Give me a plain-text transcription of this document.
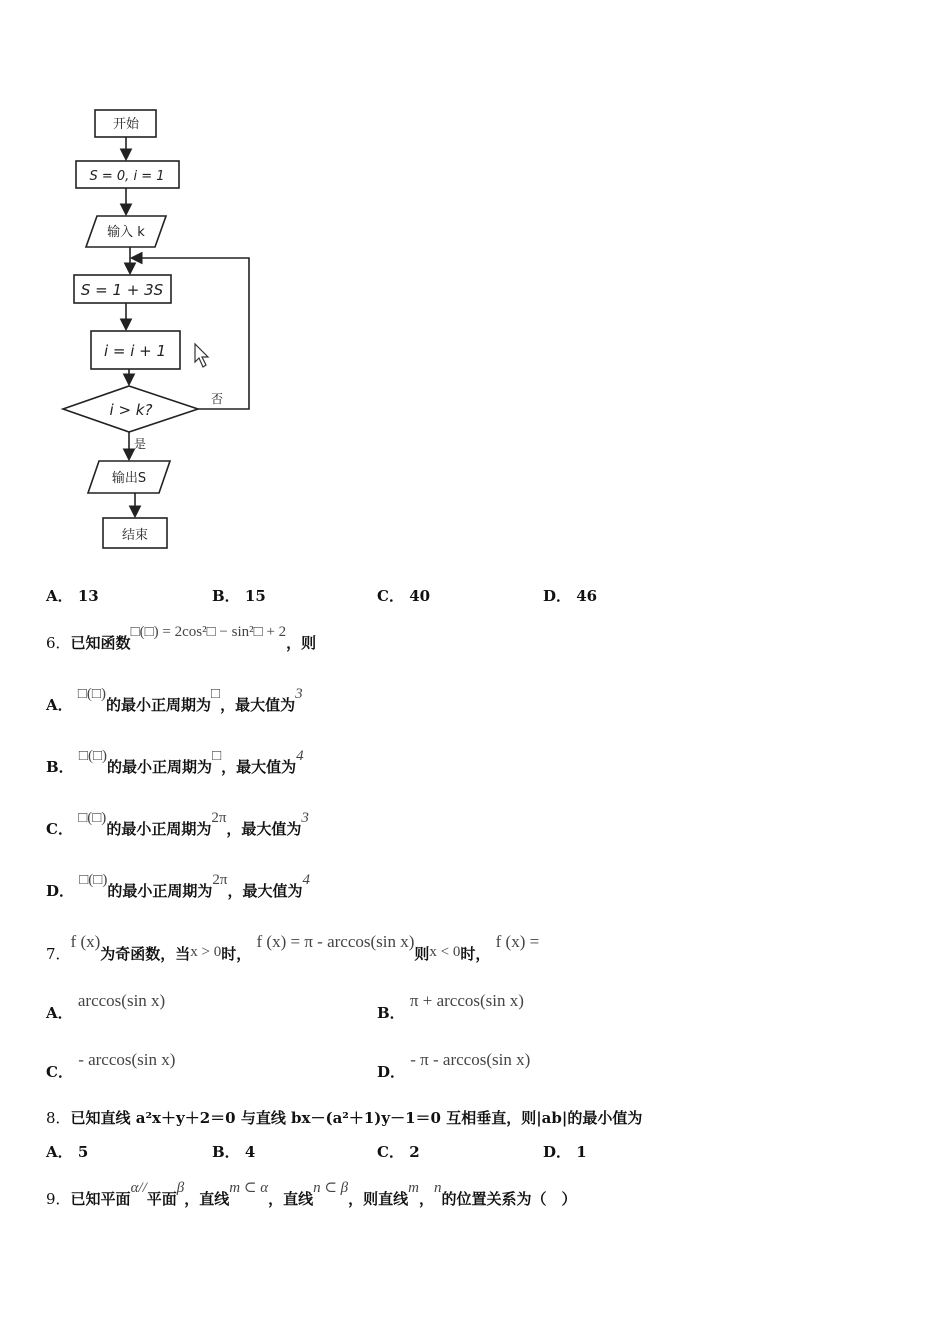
开始
S = 0, i = 1
输入 k
S = 1 + 3S
i = i + 1
i > k?
否
是
输出S
结束
A． 13	B． 15	C． 40	D． 46
6．已知函数□(□) = 2cos²□ − sin²□ + 2，则
A． □(□)的最小正周期为□，最大值为3
B． □(□)的最小正周期为□，最大值为4
C． □(□)的最小正周期为2π，最大值为3
D． □(□)的最小正周期为2π，最大值为4
7．f (x)为奇函数，当x > 0时， f (x) = π - arccos(sin x)则x < 0时， f (x) =
A． arccos(sin x)
B． π + arccos(sin x)
C． - arccos(sin x)
D． - π - arccos(sin x)
8．已知直线 a²x＋y＋2＝0 与直线 bx－(a²＋1)y－1＝0 互相垂直，则|ab|的最小值为
A． 5	B． 4	C． 2	D． 1
9．已知平面α//平面β，直线m ⊂ α，直线n ⊂ β，则直线m，n的位置关系为（　）
